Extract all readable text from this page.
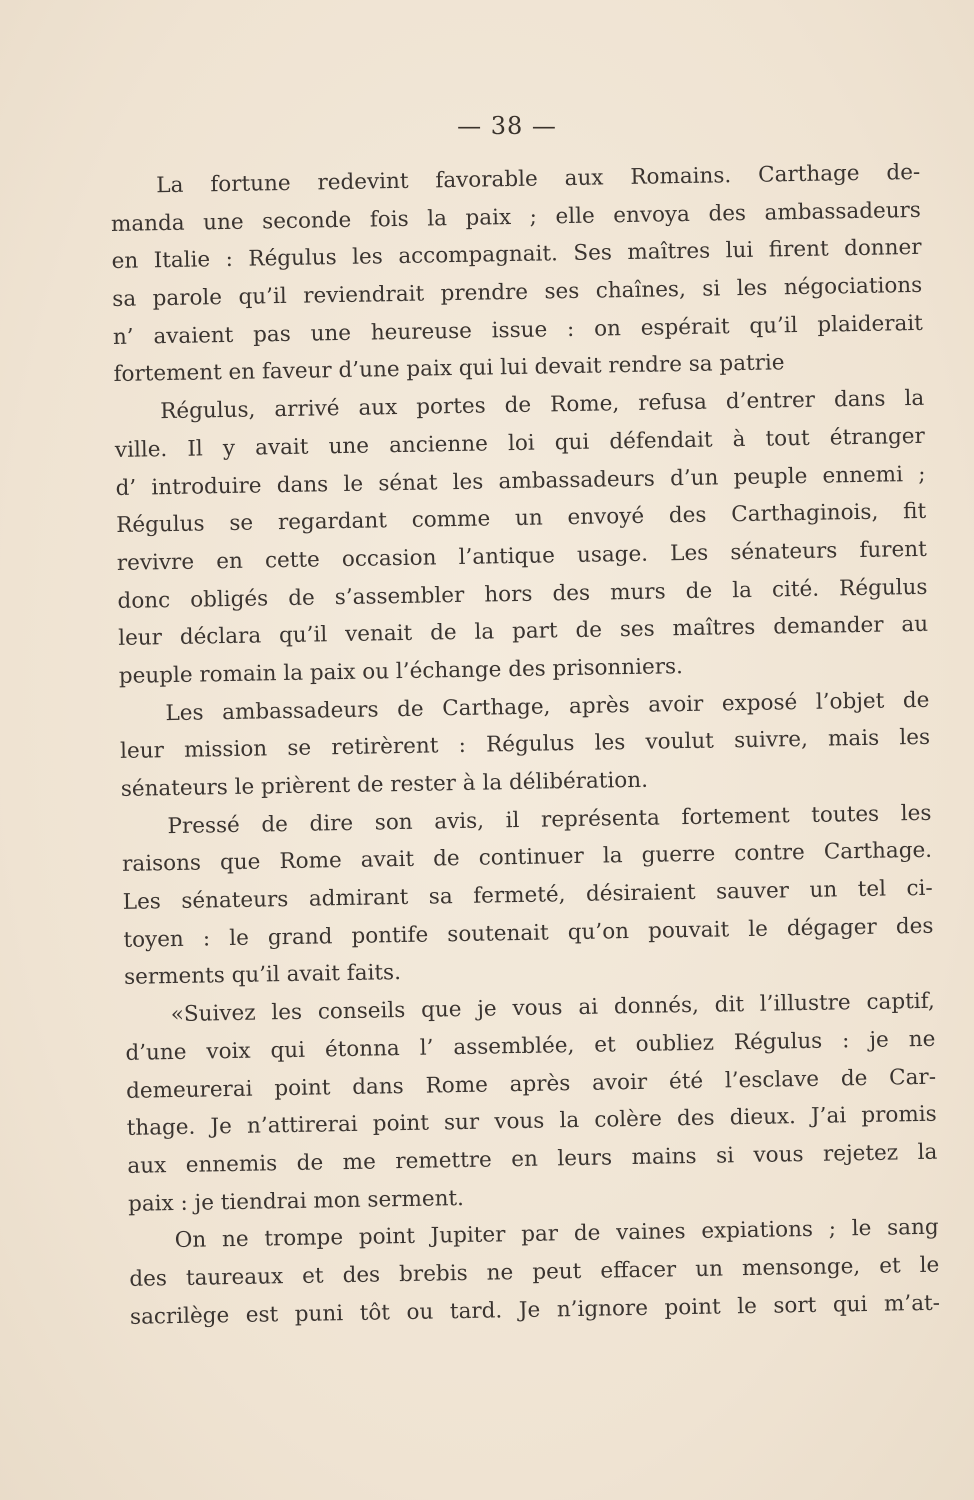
— 38 —
La fortune redevint favorable aux Romains. Carthage de-
manda une seconde fois la paix ; elle envoya des ambassadeurs
en Italie : Régulus les accompagnait. Ses maîtres lui firent donner
sa parole qu’il reviendrait prendre ses chaînes, si les négociations
n’ avaient pas une heureuse issue : on espérait qu’il plaiderait
fortement en faveur d’une paix qui lui devait rendre sa patrie
Régulus, arrivé aux portes de Rome, refusa d’entrer dans la
ville. Il y avait une ancienne loi qui défendait à tout étranger
d’ introduire dans le sénat les ambassadeurs d’un peuple ennemi ;
Régulus se regardant comme un envoyé des Carthaginois, fit
revivre en cette occasion l’antique usage. Les sénateurs furent
donc obligés de s’assembler hors des murs de la cité. Régulus
leur déclara qu’il venait de la part de ses maîtres demander au
peuple romain la paix ou l’échange des prisonniers.
Les ambassadeurs de Carthage, après avoir exposé l’objet de
leur mission se retirèrent : Régulus les voulut suivre, mais les
sénateurs le prièrent de rester à la délibération.
Pressé de dire son avis, il représenta fortement toutes les
raisons que Rome avait de continuer la guerre contre Carthage.
Les sénateurs admirant sa fermeté, désiraient sauver un tel ci-
toyen : le grand pontife soutenait qu’on pouvait le dégager des
serments qu’il avait faits.
«Suivez les conseils que je vous ai donnés, dit l’illustre captif,
d’une voix qui étonna l’ assemblée, et oubliez Régulus : je ne
demeurerai point dans Rome après avoir été l’esclave de Car-
thage. Je n’attirerai point sur vous la colère des dieux. J’ai promis
aux ennemis de me remettre en leurs mains si vous rejetez la
paix : je tiendrai mon serment.
On ne trompe point Jupiter par de vaines expiations ; le sang
des taureaux et des brebis ne peut effacer un mensonge, et le
sacrilège est puni tôt ou tard. Je n’ignore point le sort qui m’at-
